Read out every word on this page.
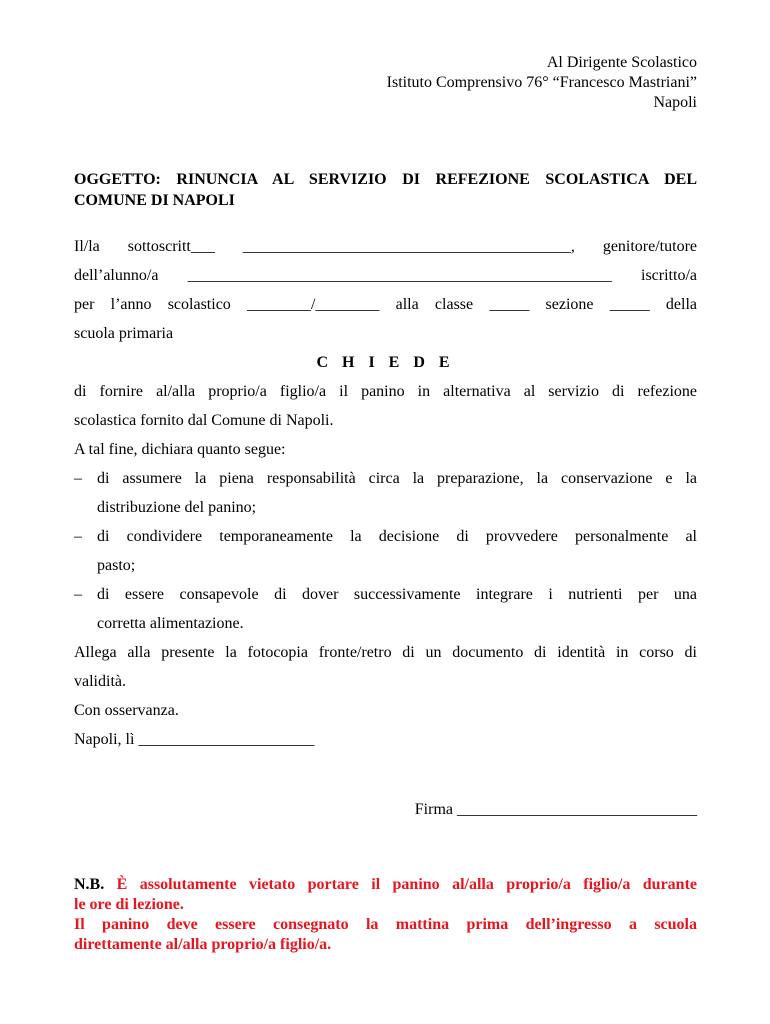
Al Dirigente Scolastico
Istituto Comprensivo 76° “Francesco Mastriani”
Napoli
OGGETTO: RINUNCIA AL SERVIZIO DI REFEZIONE SCOLASTICA DEL
COMUNE DI NAPOLI
Il/la sottoscritt___ _________________________________________, genitore/tutore
dell’alunno/a _____________________________________________________ iscritto/a
per l’anno scolastico ________/________ alla classe _____ sezione _____ della
scuola primaria
C H I E D E
di fornire al/alla proprio/a figlio/a il panino in alternativa al servizio di refezione
scolastica fornito dal Comune di Napoli.
A tal fine, dichiara quanto segue:
– di assumere la piena responsabilità circa la preparazione, la conservazione e la
distribuzione del panino;
– di condividere temporaneamente la decisione di provvedere personalmente al
pasto;
– di essere consapevole di dover successivamente integrare i nutrienti per una
corretta alimentazione.
Allega alla presente la fotocopia fronte/retro di un documento di identità in corso di
validità.
Con osservanza.
Napoli, lì ______________________
Firma ______________________________
N.B. È assolutamente vietato portare il panino al/alla proprio/a figlio/a durante
le ore di lezione.
Il panino deve essere consegnato la mattina prima dell’ingresso a scuola
direttamente al/alla proprio/a figlio/a.
